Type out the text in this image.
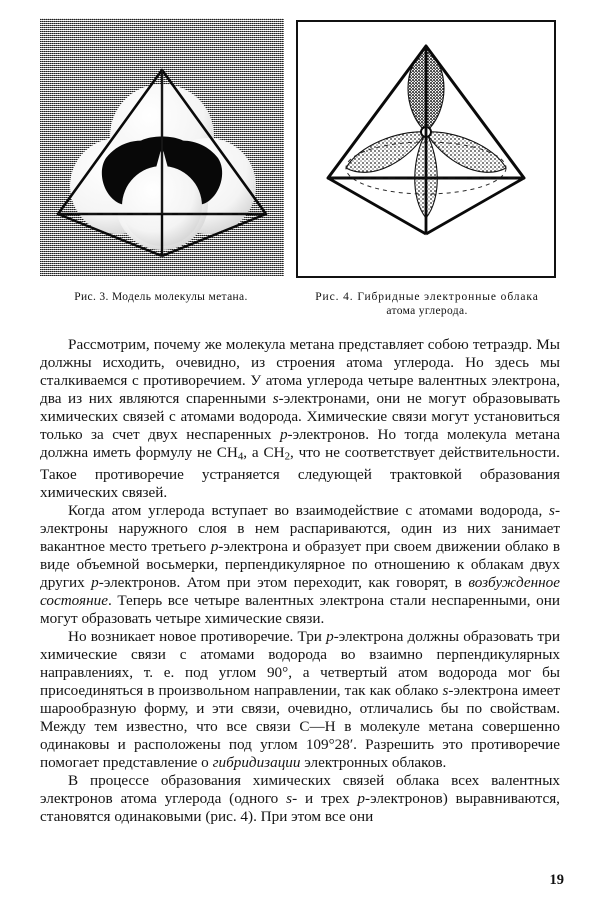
Рис. 3. Модель молекулы метана.	Рис. 4. Гибридные электронные облака
атома углерода.

Рассмотрим, почему же молекула метана представляет собою тетраэдр. Мы должны исходить, очевидно, из строения атома углерода. Но здесь мы сталкиваемся с противоречием. У атома углерода четыре валентных электрона, два из них являются спаренными s-электронами, они не могут образовывать химических связей с атомами водорода. Химические связи могут установиться только за счет двух неспаренных p-электронов. Но тогда молекула метана должна иметь формулу не $CH_4$, а $CH_2$, что не соответствует действительности. Такое противоречие устраняется следующей трактовкой образования химических связей.

Когда атом углерода вступает во взаимодействие с атомами водорода, s-электроны наружного слоя в нем распариваются, один из них занимает вакантное место третьего p-электрона и образует при своем движении облако в виде объемной восьмерки, перпендикулярное по отношению к облакам двух других p-электронов. Атом при этом переходит, как говорят, в возбужденное состояние. Теперь все четыре валентных электрона стали неспаренными, они могут образовать четыре химические связи.

Но возникает новое противоречие. Три p-электрона должны образовать три химические связи с атомами водорода во взаимно перпендикулярных направлениях, т. е. под углом 90°, а четвертый атом водорода мог бы присоединяться в произвольном направлении, так как облако s-электрона имеет шарообразную форму, и эти связи, очевидно, отличались бы по свойствам. Между тем известно, что все связи С—Н в молекуле метана совершенно одинаковы и расположены под углом 109°28′. Разрешить это противоречие помогает представление о гибридизации электронных облаков.

В процессе образования химических связей облака всех валентных электронов атома углерода (одного s- и трех p-электронов) выравниваются, становятся одинаковыми (рис. 4). При этом все они

19
